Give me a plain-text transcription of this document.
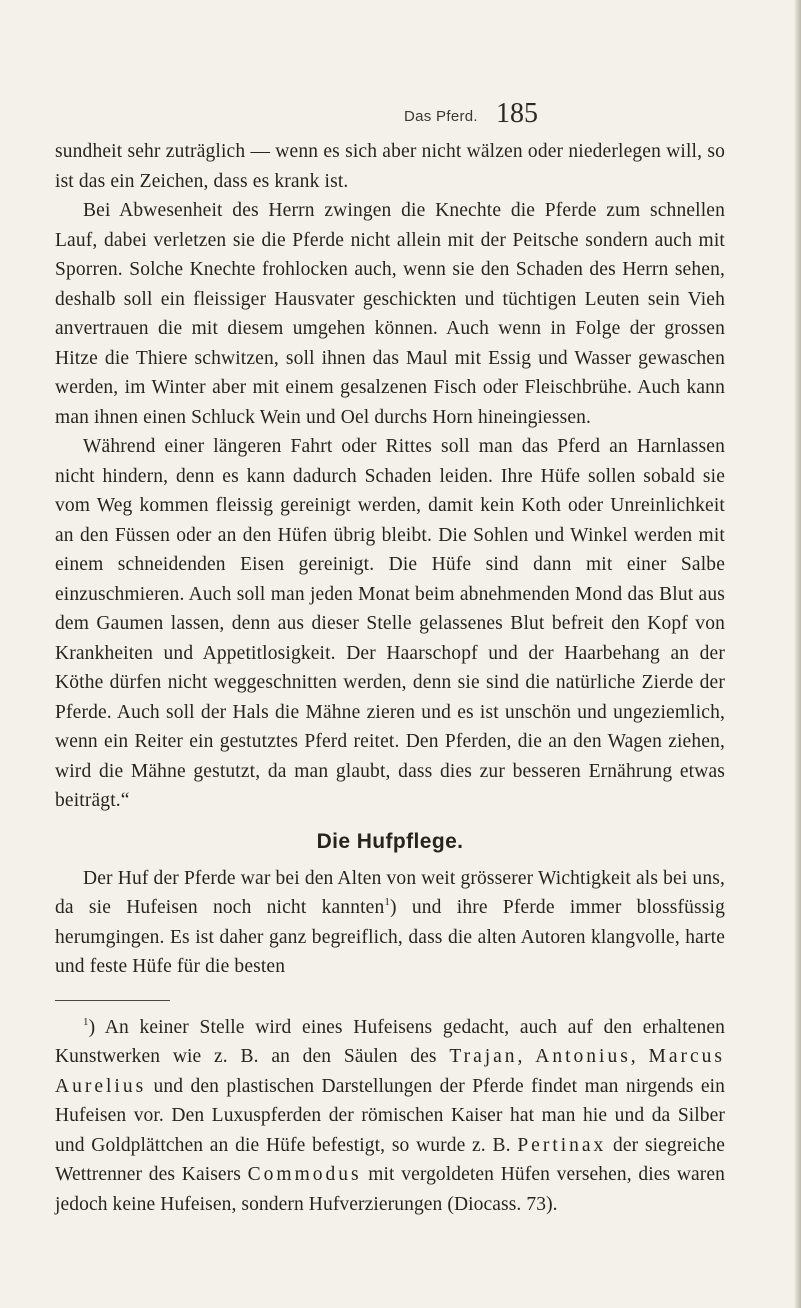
Das Pferd. 185

sundheit sehr zuträglich — wenn es sich aber nicht wälzen oder niederlegen will, so ist das ein Zeichen, dass es krank ist.

Bei Abwesenheit des Herrn zwingen die Knechte die Pferde zum schnellen Lauf, dabei verletzen sie die Pferde nicht allein mit der Peitsche sondern auch mit Sporren. Solche Knechte frohlocken auch, wenn sie den Schaden des Herrn sehen, deshalb soll ein fleissiger Hausvater geschickten und tüchtigen Leuten sein Vieh anvertrauen die mit diesem umgehen können. Auch wenn in Folge der grossen Hitze die Thiere schwitzen, soll ihnen das Maul mit Essig und Wasser gewaschen werden, im Winter aber mit einem gesalzenen Fisch oder Fleischbrühe. Auch kann man ihnen einen Schluck Wein und Oel durchs Horn hineingiessen.

Während einer längeren Fahrt oder Rittes soll man das Pferd an Harnlassen nicht hindern, denn es kann dadurch Schaden leiden. Ihre Hüfe sollen sobald sie vom Weg kommen fleissig gereinigt werden, damit kein Koth oder Unreinlichkeit an den Füssen oder an den Hüfen übrig bleibt. Die Sohlen und Winkel werden mit einem schneidenden Eisen gereinigt. Die Hüfe sind dann mit einer Salbe einzuschmieren. Auch soll man jeden Monat beim abnehmenden Mond das Blut aus dem Gaumen lassen, denn aus dieser Stelle gelassenes Blut befreit den Kopf von Krankheiten und Appetitlosigkeit. Der Haarschopf und der Haarbehang an der Köthe dürfen nicht weggeschnitten werden, denn sie sind die natürliche Zierde der Pferde. Auch soll der Hals die Mähne zieren und es ist unschön und ungeziemlich, wenn ein Reiter ein gestutztes Pferd reitet. Den Pferden, die an den Wagen ziehen, wird die Mähne gestutzt, da man glaubt, dass dies zur besseren Ernährung etwas beiträgt.“

Die Hufpflege.

Der Huf der Pferde war bei den Alten von weit grösserer Wichtigkeit als bei uns, da sie Hufeisen noch nicht kannten$^1$) und ihre Pferde immer blossfüssig herumgingen. Es ist daher ganz begreiflich, dass die alten Autoren klangvolle, harte und feste Hüfe für die besten

$^1$) An keiner Stelle wird eines Hufeisens gedacht, auch auf den erhaltenen Kunstwerken wie z. B. an den Säulen des Trajan, Antonius, Marcus Aurelius und den plastischen Darstellungen der Pferde findet man nirgends ein Hufeisen vor. Den Luxuspferden der römischen Kaiser hat man hie und da Silber und Goldplättchen an die Hüfe befestigt, so wurde z. B. Pertinax der siegreiche Wettrenner des Kaisers Commodus mit vergoldeten Hüfen versehen, dies waren jedoch keine Hufeisen, sondern Hufverzierungen (Diocass. 73).
